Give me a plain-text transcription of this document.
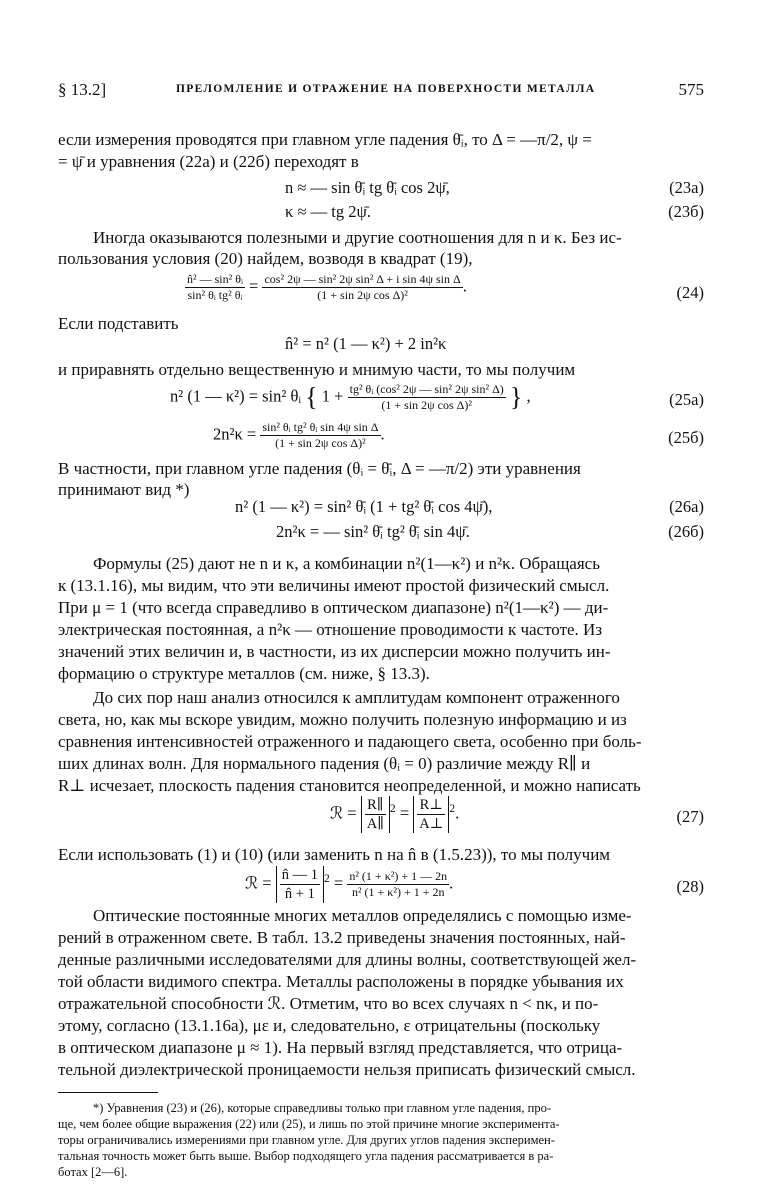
§ 13.2]	ПРЕЛОМЛЕНИЕ И ОТРАЖЕНИЕ НА ПОВЕРХНОСТИ МЕТАЛЛА	575
если измерения проводятся при главном угле падения θ̄ᵢ, то Δ = —π/2, ψ =
= ψ̄ и уравнения (22а) и (22б) переходят в
n ≈ — sin θ̄ᵢ tg θ̄ᵢ cos 2ψ̄,	(23а)
κ ≈ — tg 2ψ̄.	(23б)
Иногда оказываются полезными и другие соотношения для n и κ. Без ис-
пользования условия (20) найдем, возводя в квадрат (19),
$\frac{\text{n̂² — sin² θᵢ}}{\text{sin² θᵢ tg² θᵢ}} = \frac{\text{cos² 2ψ — sin² 2ψ sin² Δ + i sin 4ψ sin Δ}}{\text{(1 + sin 2ψ cos Δ)²}}$ .	(24)
Если подставить
n̂² = n² (1 — κ²) + 2 in²κ
и приравнять отдельно вещественную и мнимую части, то мы получим
n² (1 — κ²) = sin² θᵢ { $1 + \frac{\text{tg² θᵢ (cos² 2ψ — sin² 2ψ sin² Δ)}}{\text{(1 + sin 2ψ cos Δ)²}}$ } ,	(25а)
$2n^2\kappa = \frac{\text{sin² θᵢ tg² θᵢ sin 4ψ sin Δ}}{\text{(1 + sin 2ψ cos Δ)²}}$ .	(25б)
В частности, при главном угле падения (θᵢ = θ̄ᵢ, Δ = —π/2) эти уравнения
принимают вид *)
n² (1 — κ²) = sin² θ̄ᵢ (1 + tg² θ̄ᵢ cos 4ψ̄),	(26а)
2n²κ = — sin² θ̄ᵢ tg² θ̄ᵢ sin 4ψ̄.	(26б)
Формулы (25) дают не n и κ, а комбинации n²(1—κ²) и n²κ. Обращаясь
к (13.1.16), мы видим, что эти величины имеют простой физический смысл.
При μ = 1 (что всегда справедливо в оптическом диапазоне) n²(1—κ²) — ди-
электрическая постоянная, а n²κ — отношение проводимости к частоте. Из
значений этих величин и, в частности, из их дисперсии можно получить ин-
формацию о структуре металлов (см. ниже, § 13.3).
До сих пор наш анализ относился к амплитудам компонент отраженного
света, но, как мы вскоре увидим, можно получить полезную информацию и из
сравнения интенсивностей отраженного и падающего света, особенно при боль-
ших длинах волн. Для нормального падения (θᵢ = 0) различие между R∥ и
R⊥ исчезает, плоскость падения становится неопределенной, и можно написать
ℛ = $\frac{R\parallel}{A\parallel} ^2 = \frac{R\perp}{A\perp} ^2$.	(27)
Если использовать (1) и (10) (или заменить n на n̂ в (1.5.23)), то мы получим
ℛ = $\frac{n̂ — 1}{n̂ + 1} ^2 = \frac{\text{n² (1 + κ²) + 1 — 2n}}{\text{n² (1 + κ²) + 1 + 2n}}$ .	(28)
Оптические постоянные многих металлов определялись с помощью изме-
рений в отраженном свете. В табл. 13.2 приведены значения постоянных, най-
денные различными исследователями для длины волны, соответствующей жел-
той области видимого спектра. Металлы расположены в порядке убывания их
отражательной способности ℛ. Отметим, что во всех случаях n < nκ, и по-
этому, согласно (13.1.16а), με и, следовательно, ε отрицательны (поскольку
в оптическом диапазоне μ ≈ 1). На первый взгляд представляется, что отрица-
тельной диэлектрической проницаемости нельзя приписать физический смысл.
*) Уравнения (23) и (26), которые справедливы только при главном угле падения, про-
ще, чем более общие выражения (22) или (25), и лишь по этой причине многие эксперимента-
торы ограничивались измерениями при главном угле. Для других углов падения эксперимен-
тальная точность может быть выше. Выбор подходящего угла падения рассматривается в ра-
ботах [2—6].
